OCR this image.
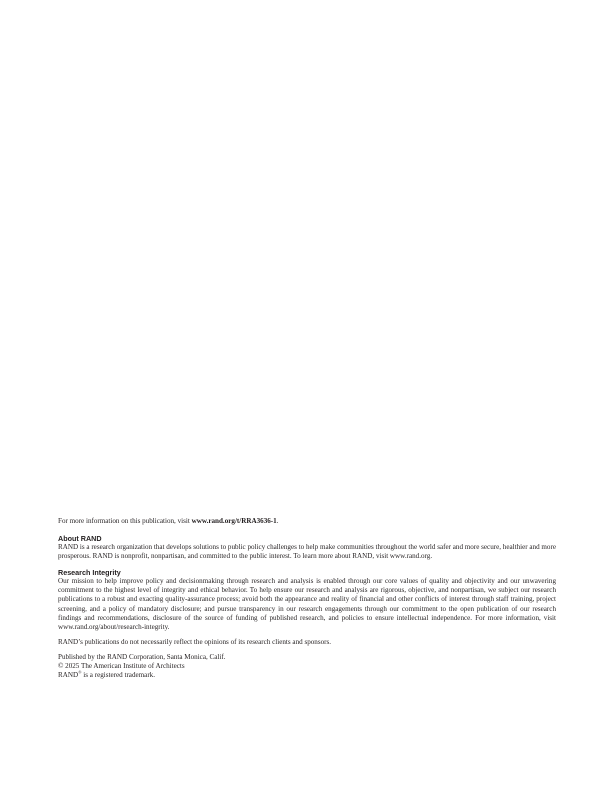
For more information on this publication, visit www.rand.org/t/RRA3636-1.

About RAND

RAND is a research organization that develops solutions to public policy challenges to help make communities throughout the world safer and more secure, healthier and more prosperous. RAND is nonprofit, nonpartisan, and committed to the public interest. To learn more about RAND, visit www.rand.org.

Research Integrity

Our mission to help improve policy and decisionmaking through research and analysis is enabled through our core values of quality and objectivity and our unwavering commitment to the highest level of integrity and ethical behavior. To help ensure our research and analysis are rigorous, objective, and nonpartisan, we subject our research publications to a robust and exacting quality-assurance process; avoid both the appearance and reality of financial and other conflicts of interest through staff training, project screening, and a policy of mandatory disclosure; and pursue transparency in our research engagements through our commitment to the open publication of our research findings and recommendations, disclosure of the source of funding of published research, and policies to ensure intellectual independence. For more information, visit www.rand.org/about/research-integrity.

RAND’s publications do not necessarily reflect the opinions of its research clients and sponsors.

Published by the RAND Corporation, Santa Monica, Calif.
© 2025 The American Institute of Architects
RAND® is a registered trademark.
